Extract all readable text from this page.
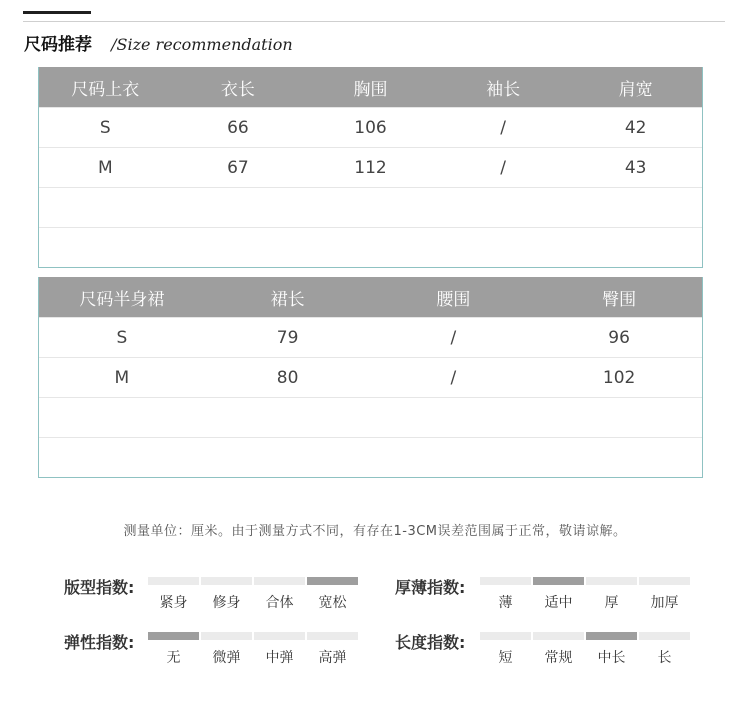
尺码推荐 /Size recommendation
尺码上衣	衣长	胸围	袖长	肩宽
S	66	106	/	42
M	67	112	/	43
尺码半身裙	裙长	腰围	臀围
S	79	/	96
M	80	/	102
测量单位：厘米。由于测量方式不同，有存在1-3CM误差范围属于正常，敬请谅解。
版型指数:
紧身	修身	合体	宽松
弹性指数:
无	微弹	中弹	高弹
厚薄指数:
薄	适中	厚	加厚
长度指数:
短	常规	中长	长
